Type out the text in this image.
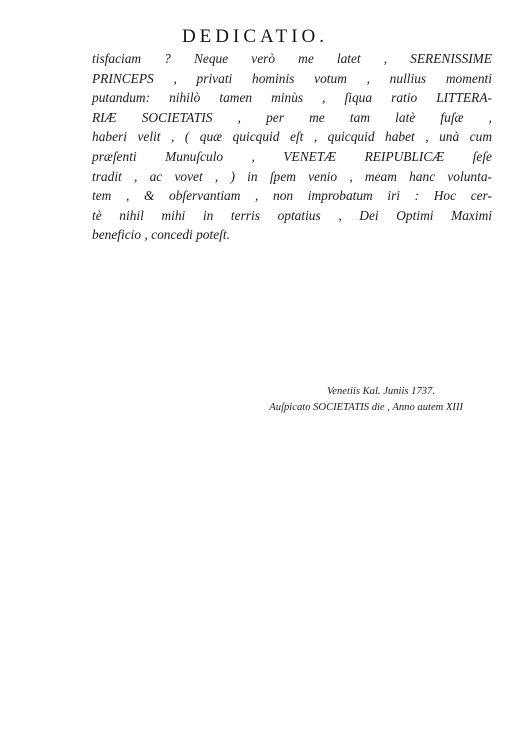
DEDICATIO.
tisfaciam ? Neque verò me latet , SERENISSIME
PRINCEPS , privati hominis votum , nullius momenti
putandum: nihilò tamen minùs , ſiqua ratio LITTERA-
RIÆ SOCIETATIS , per me tam latè fuſæ ,
haberi velit , ( quæ quicquid eſt , quicquid habet , unà cum
præſenti Munuſculo , VENETÆ REIPUBLICÆ ſeſe
tradit , ac vovet , ) in ſpem venio , meam hanc volunta-
tem , & obſervantiam , non improbatum iri : Hoc cer-
tè nihil mihi in terris optatius , Dei Optimi Maximi
beneficio , concedi poteſt.
Venetiis Kal. Juniis 1737.
Auſpicato SOCIETATIS die , Anno autem XIII
